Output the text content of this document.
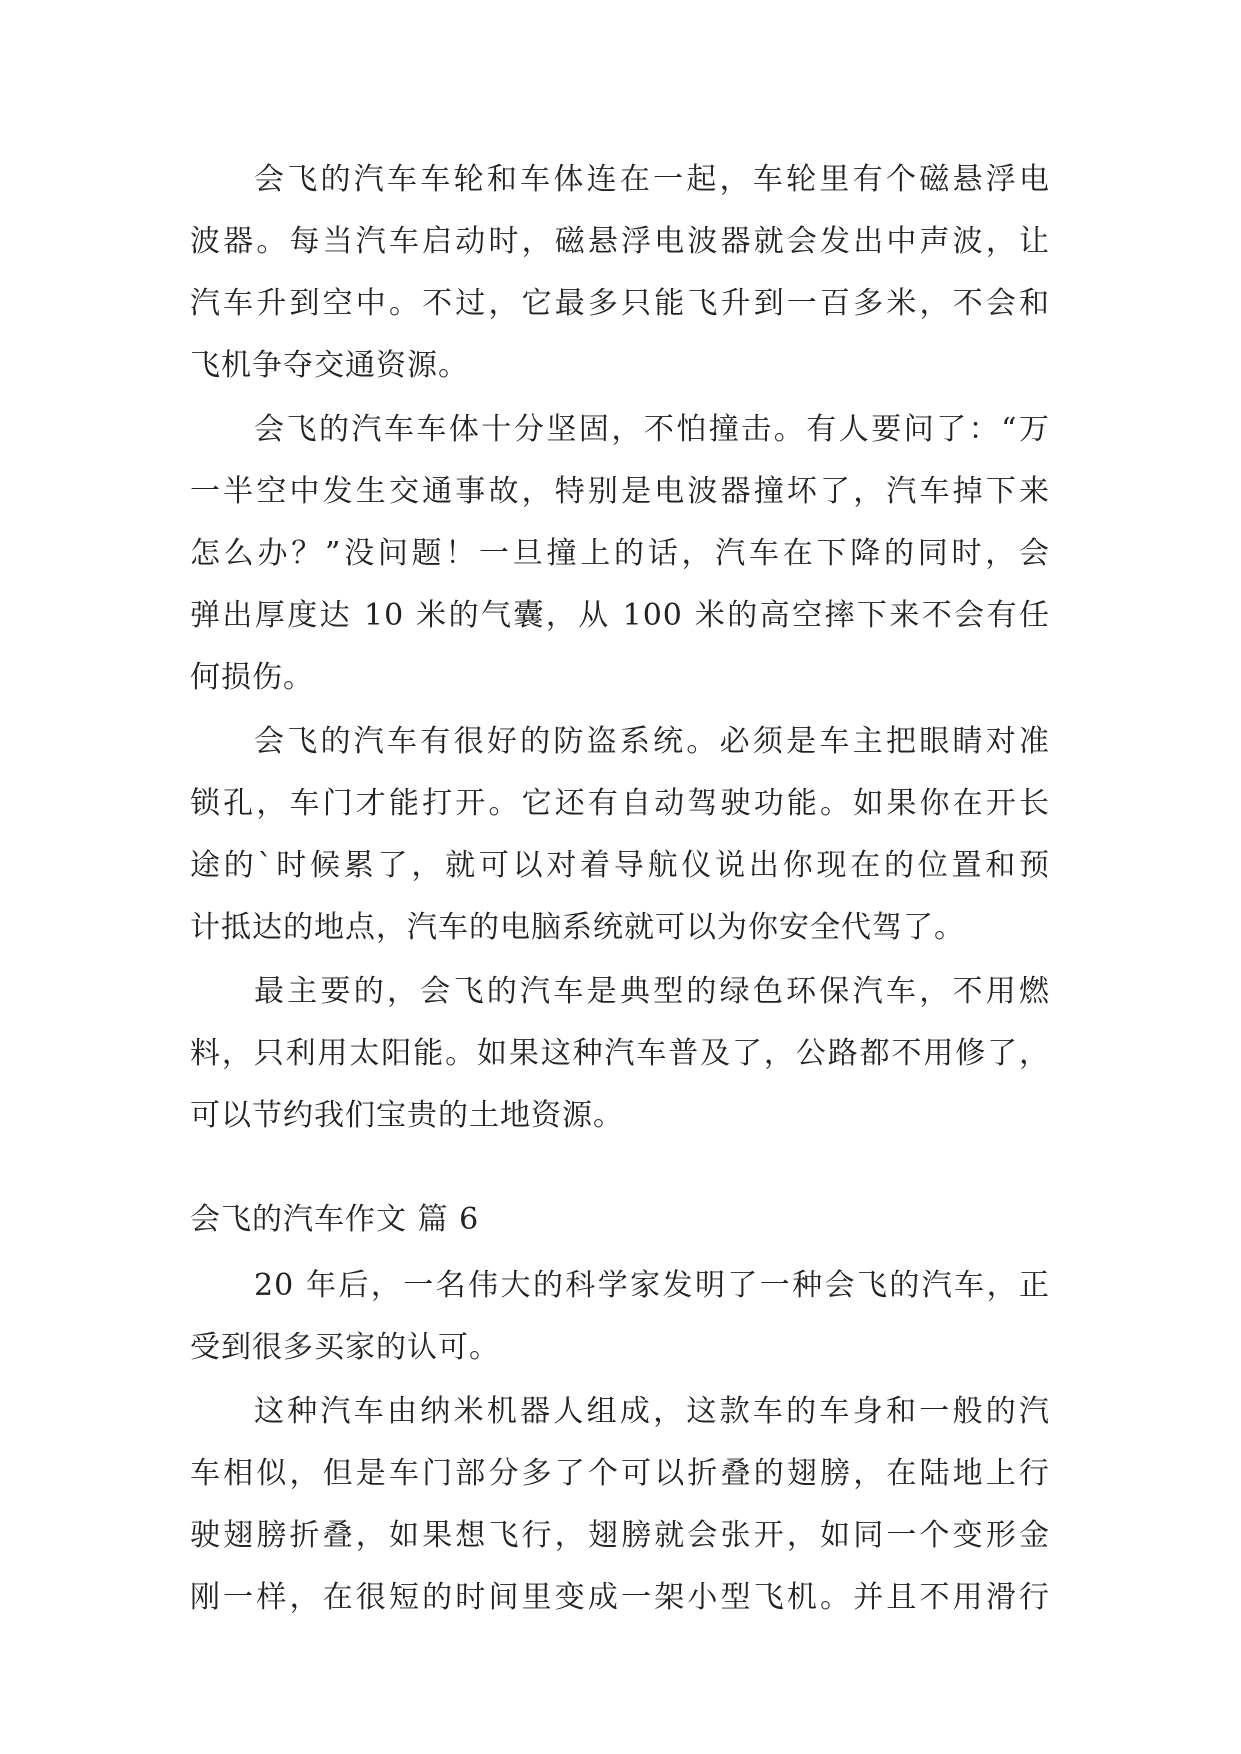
会飞的汽车车轮和车体连在一起，车轮里有个磁悬浮电
波器。每当汽车启动时，磁悬浮电波器就会发出中声波，让
汽车升到空中。不过，它最多只能飞升到一百多米，不会和
飞机争夺交通资源。
会飞的汽车车体十分坚固，不怕撞击。有人要问了：“万
一半空中发生交通事故，特别是电波器撞坏了，汽车掉下来
怎么办？”没问题！一旦撞上的话，汽车在下降的同时，会
弹出厚度达 10 米的气囊，从 100 米的高空摔下来不会有任
何损伤。
会飞的汽车有很好的防盗系统。必须是车主把眼睛对准
锁孔，车门才能打开。它还有自动驾驶功能。如果你在开长
途的`时候累了，就可以对着导航仪说出你现在的位置和预
计抵达的地点，汽车的电脑系统就可以为你安全代驾了。
最主要的，会飞的汽车是典型的绿色环保汽车，不用燃
料，只利用太阳能。如果这种汽车普及了，公路都不用修了，
可以节约我们宝贵的土地资源。
会飞的汽车作文 篇 6
20 年后，一名伟大的科学家发明了一种会飞的汽车，正
受到很多买家的认可。
这种汽车由纳米机器人组成，这款车的车身和一般的汽
车相似，但是车门部分多了个可以折叠的翅膀，在陆地上行
驶翅膀折叠，如果想飞行，翅膀就会张开，如同一个变形金
刚一样，在很短的时间里变成一架小型飞机。并且不用滑行
